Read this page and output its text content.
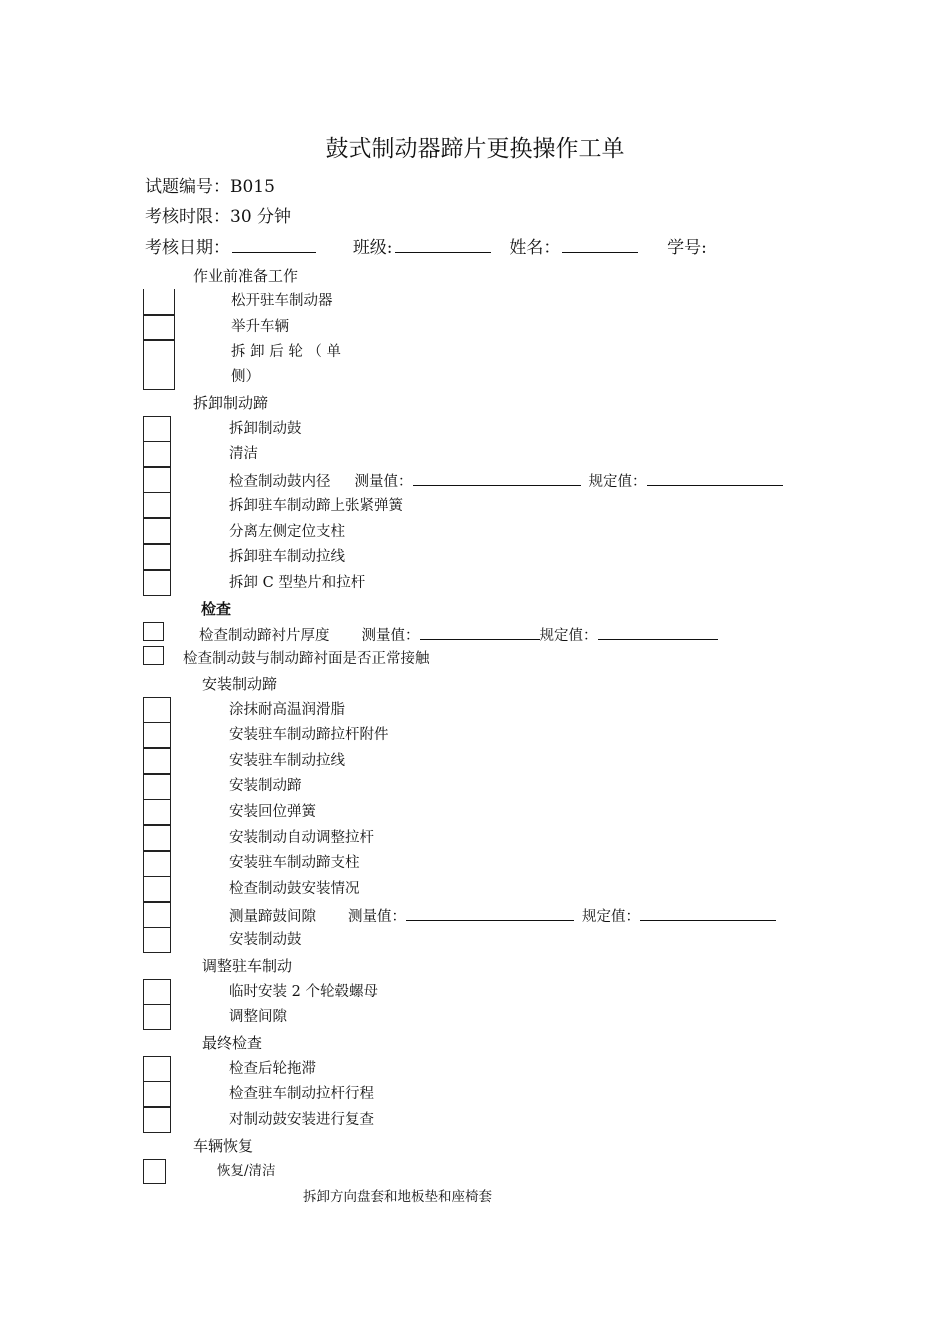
鼓式制动器蹄片更换操作工单
试题编号：B015
考核时限：30 分钟
考核日期：	班级:	姓名：	学号:
作业前准备工作
松开驻车制动器
举升车辆
拆 卸 后 轮 （ 单
侧）
拆卸制动蹄
拆卸制动鼓
清洁
检查制动鼓内径 测量值：	规定值：
拆卸驻车制动蹄上张紧弹簧
分离左侧定位支柱
拆卸驻车制动拉线
拆卸 C 型垫片和拉杆
检查
检查制动蹄衬片厚度 测量值：	规定值：
检查制动鼓与制动蹄衬面是否正常接触
安装制动蹄
涂抹耐高温润滑脂
安装驻车制动蹄拉杆附件
安装驻车制动拉线
安装制动蹄
安装回位弹簧
安装制动自动调整拉杆
安装驻车制动蹄支柱
检查制动鼓安装情况
测量蹄鼓间隙 测量值：	规定值：
安装制动鼓
调整驻车制动
临时安装 2 个轮毂螺母
调整间隙
最终检查
检查后轮拖滞
检查驻车制动拉杆行程
对制动鼓安装进行复查
车辆恢复
恢复/清洁
拆卸方向盘套和地板垫和座椅套
